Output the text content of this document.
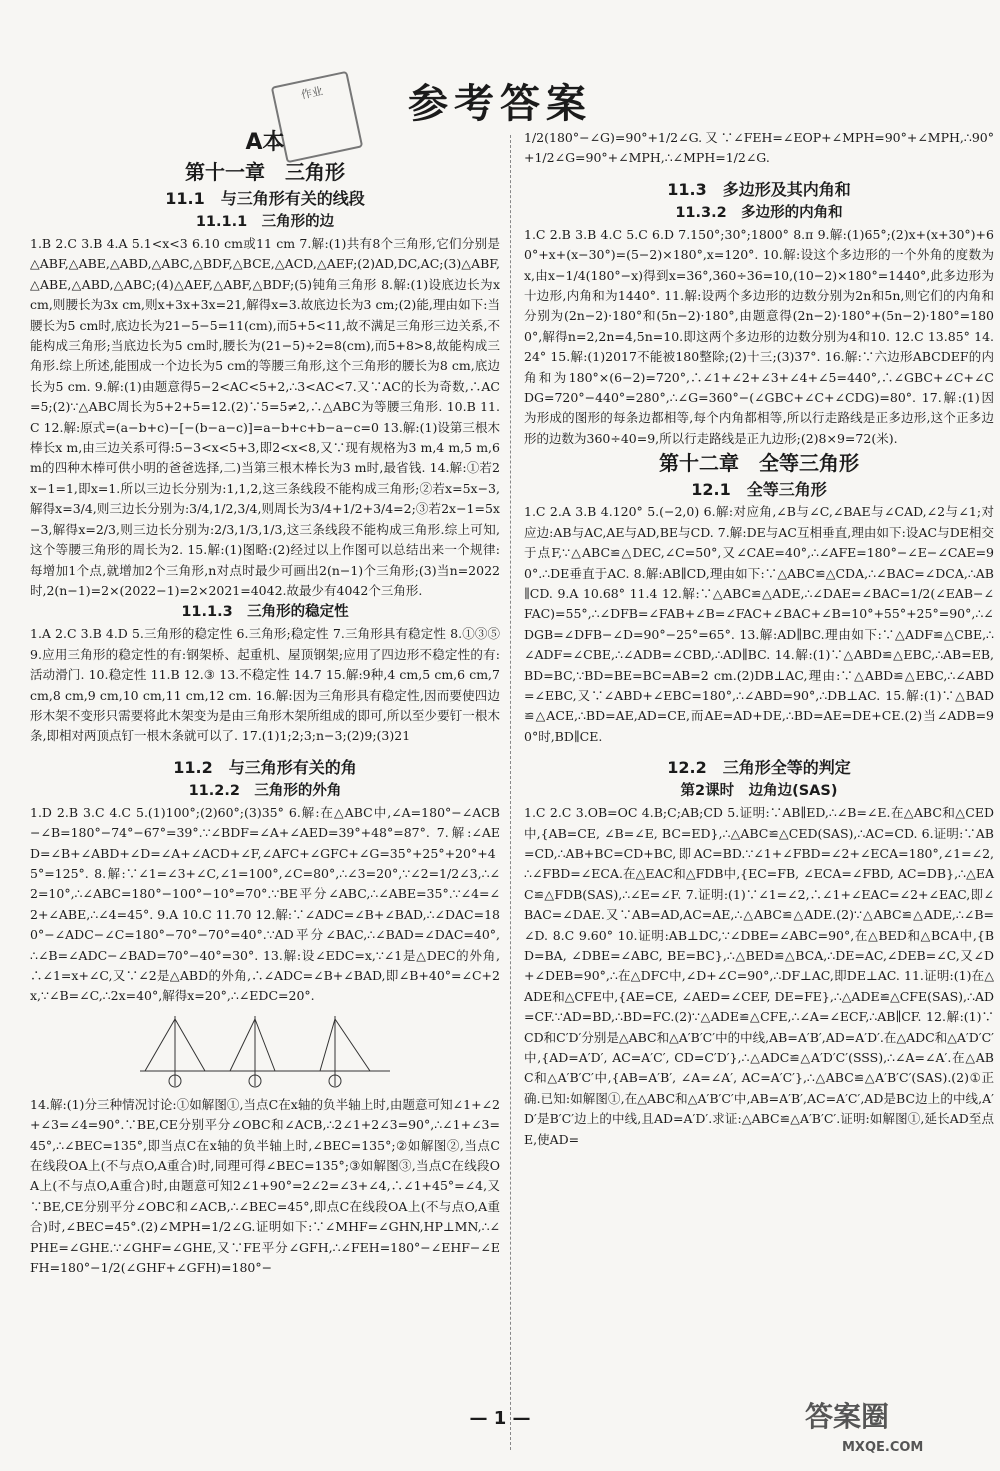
参考答案
作业

A本

第十一章　三角形

11.1　与三角形有关的线段

11.1.1　三角形的边

1.B 2.C 3.B 4.A 5.1<x<3 6.10 cm或11 cm 7.解:(1)共有8个三角形,它们分别是△ABF,△ABE,△ABD,△ABC,△BDF,△BCE,△ACD,△AEF;(2)AD,DC,AC;(3)△ABF,△ABE,△ABD,△ABC;(4)△AEF,△ABF,△BDF;(5)钝角三角形 8.解:(1)设底边长为x cm,则腰长为3x cm,则x+3x+3x=21,解得x=3.故底边长为3 cm;(2)能,理由如下:当腰长为5 cm时,底边长为21−5−5=11(cm),而5+5<11,故不满足三角形三边关系,不能构成三角形;当底边长为5 cm时,腰长为(21−5)÷2=8(cm),而5+8>8,故能构成三角形.综上所述,能围成一个边长为5 cm的等腰三角形,这个三角形的腰长为8 cm,底边长为5 cm. 9.解:(1)由题意得5−2<AC<5+2,∴3<AC<7.又∵AC的长为奇数,∴AC=5;(2)∵△ABC周长为5+2+5=12.(2)∵5=5≠2,∴△ABC为等腰三角形. 10.B 11.C 12.解:原式=(a−b+c)−[−(b−a−c)]=a−b+c+b−a−c=0 13.解:(1)设第三根木棒长x m,由三边关系可得:5−3<x<5+3,即2<x<8,又∵现有规格为3 m,4 m,5 m,6 m的四种木棒可供小明的爸爸选择,二)当第三根木棒长为3 m时,最省钱. 14.解:①若2x−1=1,即x=1.所以三边长分别为:1,1,2,这三条线段不能构成三角形;②若x=5x−3,解得x=3/4,则三边长分别为:3/4,1/2,3/4,则周长为3/4+1/2+3/4=2;③若2x−1=5x−3,解得x=2/3,则三边长分别为:2/3,1/3,1/3,这三条线段不能构成三角形.综上可知,这个等腰三角形的周长为2. 15.解:(1)图略:(2)经过以上作图可以总结出来一个规律:每增加1个点,就增加2个三角形,n对点时最少可画出2(n−1)个三角形;(3)当n=2022时,2(n−1)=2×(2022−1)=2×2021=4042.故最少有4042个三角形.

11.1.3　三角形的稳定性

1.A 2.C 3.B 4.D 5.三角形的稳定性 6.三角形;稳定性 7.三角形具有稳定性 8.①③⑤ 9.应用三角形的稳定性的有:钢架桥、起重机、屋顶钢架;应用了四边形不稳定性的有:活动滑门. 10.稳定性 11.B 12.③ 13.不稳定性 14.7 15.解:9种,4 cm,5 cm,6 cm,7 cm,8 cm,9 cm,10 cm,11 cm,12 cm. 16.解:因为三角形具有稳定性,因而要使四边形木架不变形只需要将此木架变为是由三角形木架所组成的即可,所以至少要钉一根木条,即相对两顶点钉一根木条就可以了. 17.(1)1;2;3;n−3;(2)9;(3)21

11.2　与三角形有关的角

11.2.2　三角形的外角

1.D 2.B 3.C 4.C 5.(1)100°;(2)60°;(3)35° 6.解:在△ABC中,∠A=180°−∠ACB−∠B=180°−74°−67°=39°.∵∠BDF=∠A+∠AED=39°+48°=87°. 7.解:∠AED=∠B+∠ABD+∠D=∠A+∠ACD+∠F,∠AFC+∠GFC+∠G=35°+25°+20°+45°=125°. 8.解:∵∠1=∠3+∠C,∠1=100°,∠C=80°,∴∠3=20°,∵∠2=1/2∠3,∴∠2=10°,∴∠ABC=180°−100°−10°=70°.∵BE平分∠ABC,∴∠ABE=35°.∵∠4=∠2+∠ABE,∴∠4=45°. 9.A 10.C 11.70 12.解:∵∠ADC=∠B+∠BAD,∴∠DAC=180°−∠ADC−∠C=180°−70°−70°=40°.∵AD平分∠BAC,∴∠BAD=∠DAC=40°,∴∠B=∠ADC−∠BAD=70°−40°=30°. 13.解:设∠EDC=x,∵∠1是△DEC的外角,∴∠1=x+∠C,又∵∠2是△ABD的外角,∴∠ADC=∠B+∠BAD,即∠B+40°=∠C+2x,∵∠B=∠C,∴2x=40°,解得x=20°,∴∠EDC=20°.

14.解:(1)分三种情况讨论:①如解图①,当点C在x轴的负半轴上时,由题意可知∠1+∠2+∠3=∠4=90°.∵BE,CE分别平分∠OBC和∠ACB,∴2∠1+2∠3=90°,∴∠1+∠3=45°,∴∠BEC=135°,即当点C在x轴的负半轴上时,∠BEC=135°;②如解图②,当点C在线段OA上(不与点O,A重合)时,同理可得∠BEC=135°;③如解图③,当点C在线段OA上(不与点O,A重合)时,由题意可知2∠1+90°=2∠2=∠3+∠4,∴∠1+45°=∠4,又∵BE,CE分别平分∠OBC和∠ACB,∴∠BEC=45°,即点C在线段OA上(不与点O,A重合)时,∠BEC=45°.(2)∠MPH=1/2∠G.证明如下:∵∠MHF=∠GHN,HP⊥MN,∴∠PHE=∠GHE.∵∠GHF=∠GHE,又∵FE平分∠GFH,∴∠FEH=180°−∠EHF−∠EFH=180°−1/2(∠GHF+∠GFH)=180°−

1/2(180°−∠G)=90°+1/2∠G.又∵∠FEH=∠EOP+∠MPH=90°+∠MPH,∴90°+1/2∠G=90°+∠MPH,∴∠MPH=1/2∠G.

11.3　多边形及其内角和

11.3.2　多边形的内角和

1.C 2.B 3.B 4.C 5.C 6.D 7.150°;30°;1800° 8.π 9.解:(1)65°;(2)x+(x+30°)+60°+x+(x−30°)=(5−2)×180°,x=120°. 10.解:设这个多边形的一个外角的度数为x,由x−1/4(180°−x)得到x=36°,360÷36=10,(10−2)×180°=1440°,此多边形为十边形,内角和为1440°. 11.解:设两个多边形的边数分别为2n和5n,则它们的内角和分别为(2n−2)·180°和(5n−2)·180°,由题意得(2n−2)·180°+(5n−2)·180°=1800°,解得n=2,2n=4,5n=10.即这两个多边形的边数分别为4和10. 12.C 13.85° 14.24° 15.解:(1)2017不能被180整除;(2)十三;(3)37°. 16.解:∵六边形ABCDEF的内角和为180°×(6−2)=720°,∴∠1+∠2+∠3+∠4+∠5=440°,∴∠GBC+∠C+∠CDG=720°−440°=280°,∴∠G=360°−(∠GBC+∠C+∠CDG)=80°. 17.解:(1)因为形成的图形的每条边都相等,每个内角都相等,所以行走路线是正多边形,这个正多边形的边数为360÷40=9,所以行走路线是正九边形;(2)8×9=72(米).

第十二章　全等三角形

12.1　全等三角形

1.C 2.A 3.B 4.120° 5.(−2,0) 6.解:对应角,∠B与∠C,∠BAE与∠CAD,∠2与∠1;对应边:AB与AC,AE与AD,BE与CD. 7.解:DE与AC互相垂直,理由如下:设AC与DE相交于点F,∵△ABC≌△DEC,∠C=50°,又∠CAE=40°,∴∠AFE=180°−∠E−∠CAE=90°.∴DE垂直于AC. 8.解:AB∥CD,理由如下:∵△ABC≌△CDA,∴∠BAC=∠DCA,∴AB∥CD. 9.A 10.68° 11.4 12.解:∵△ABC≌△ADE,∴∠DAE=∠BAC=1/2(∠EAB−∠FAC)=55°,∴∠DFB=∠FAB+∠B=∠FAC+∠BAC+∠B=10°+55°+25°=90°,∴∠DGB=∠DFB−∠D=90°−25°=65°. 13.解:AD∥BC.理由如下:∵△ADF≌△CBE,∴∠ADF=∠CBE,∴∠ADB=∠CBD,∴AD∥BC. 14.解:(1)∵△ABD≌△EBC,∴AB=EB,BD=BC,∵BD=BE=BC=AB=2 cm.(2)DB⊥AC,理由:∵△ABD≌△EBC,∴∠ABD=∠EBC,又∵∠ABD+∠EBC=180°,∴∠ABD=90°,∴DB⊥AC. 15.解:(1)∵△BAD≌△ACE,∴BD=AE,AD=CE,而AE=AD+DE,∴BD=AE=DE+CE.(2)当∠ADB=90°时,BD∥CE.

12.2　三角形全等的判定

第2课时　边角边(SAS)

1.C 2.C 3.OB=OC 4.B;C;AB;CD 5.证明:∵AB∥ED,∴∠B=∠E.在△ABC和△CED中,{AB=CE, ∠B=∠E, BC=ED},∴△ABC≌△CED(SAS),∴AC=CD. 6.证明:∵AB=CD,∴AB+BC=CD+BC,即AC=BD.∵∠1+∠FBD=∠2+∠ECA=180°,∠1=∠2,∴∠FBD=∠ECA.在△EAC和△FDB中,{EC=FB, ∠ECA=∠FBD, AC=DB},∴△EAC≌△FDB(SAS),∴∠E=∠F. 7.证明:(1)∵∠1=∠2,∴∠1+∠EAC=∠2+∠EAC,即∠BAC=∠DAE.又∵AB=AD,AC=AE,∴△ABC≌△ADE.(2)∵△ABC≌△ADE,∴∠B=∠D. 8.C 9.60° 10.证明:AB⊥DC,∵∠DBE=∠ABC=90°,在△BED和△BCA中,{BD=BA, ∠DBE=∠ABC, BE=BC},∴△BED≌△BCA,∴DE=AC,∠DEB=∠C,又∠D+∠DEB=90°,∴在△DFC中,∠D+∠C=90°,∴DF⊥AC,即DE⊥AC. 11.证明:(1)在△ADE和△CFE中,{AE=CE, ∠AED=∠CEF, DE=FE},∴△ADE≌△CFE(SAS),∴AD=CF.∵AD=BD,∴BD=FC.(2)∵△ADE≌△CFE,∴∠A=∠ECF,∴AB∥CF. 12.解:(1)∵CD和C′D′分别是△ABC和△A′B′C′中的中线,AB=A′B′,AD=A′D′.在△ADC和△A′D′C′中,{AD=A′D′, AC=A′C′, CD=C′D′},∴△ADC≌△A′D′C′(SSS),∴∠A=∠A′.在△ABC和△A′B′C′中,{AB=A′B′, ∠A=∠A′, AC=A′C′},∴△ABC≌△A′B′C′(SAS).(2)①正确.已知:如解图①,在△ABC和△A′B′C′中,AB=A′B′,AC=A′C′,AD是BC边上的中线,A′D′是B′C′边上的中线,且AD=A′D′.求证:△ABC≌△A′B′C′.证明:如解图①,延长AD至点E,使AD=

— 1 —	答案圈
MXQE.COM
